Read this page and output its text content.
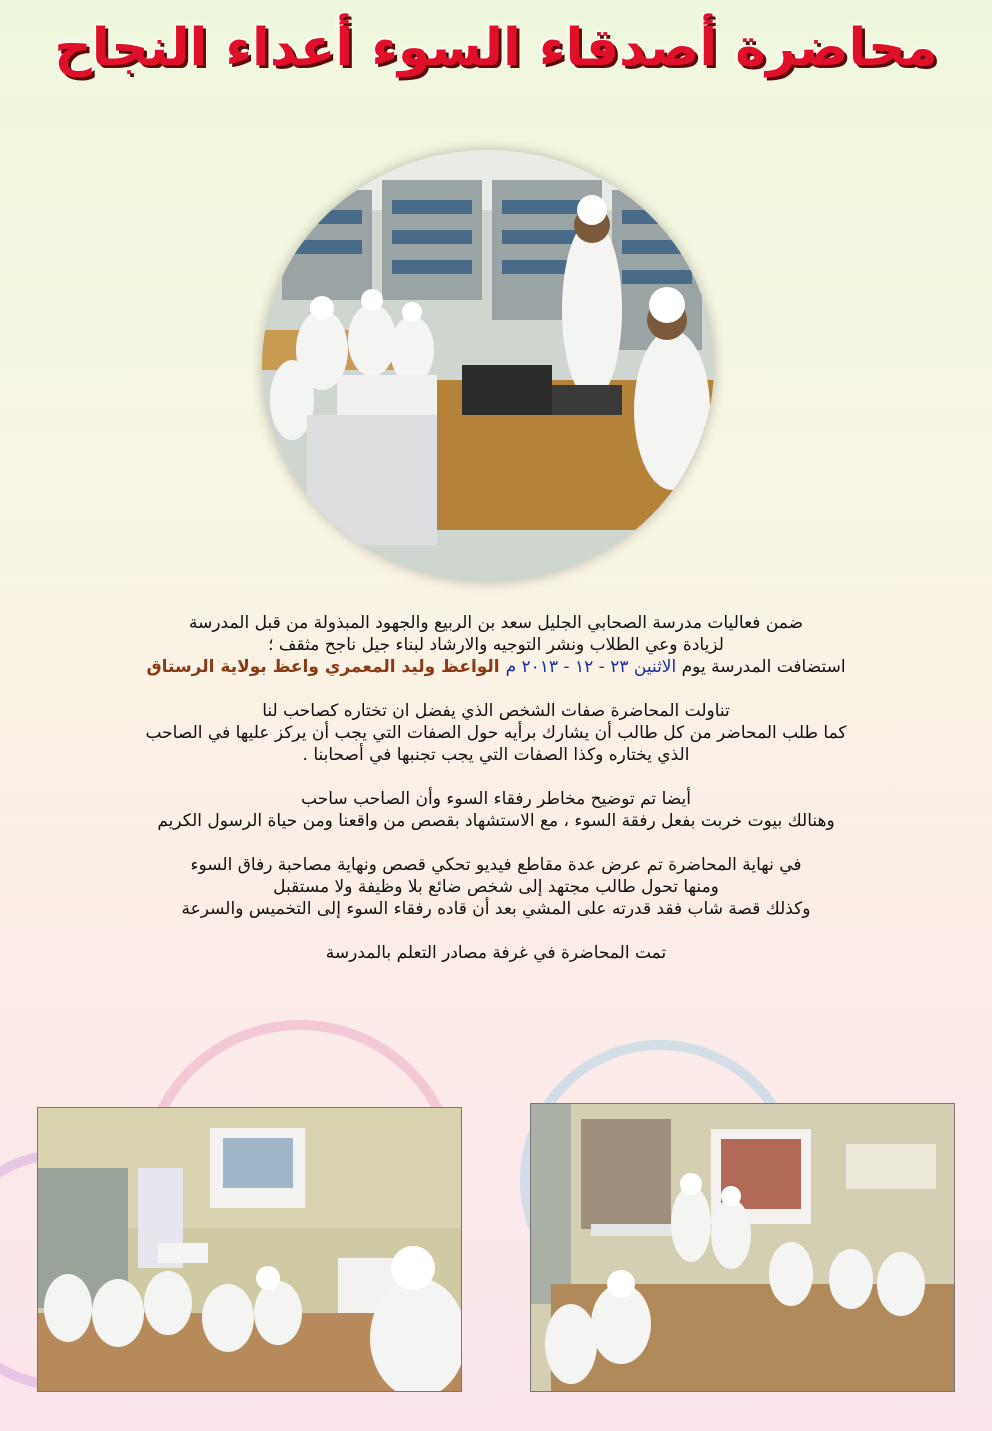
محاضرة أصدقاء السوء أعداء النجاح

ضمن فعاليات مدرسة الصحابي الجليل سعد بن الربيع والجهود المبذولة من قبل المدرسة

لزيادة وعي الطلاب ونشر التوجيه والارشاد لبناء جيل ناجح مثقف ؛

استضافت المدرسة يوم الاثنين ٢٣ - ١٢ - ٢٠١٣ م الواعظ وليد المعمري واعظ بولاية الرستاق

تناولت المحاضرة صفات الشخص الذي يفضل ان تختاره كصاحب لنا

كما طلب المحاضر من كل طالب أن يشارك برأيه حول الصفات التي يجب أن يركز عليها في الصاحب

الذي يختاره وكذا الصفات التي يجب تجنبها في أصحابنا .

أيضا تم توضيح مخاطر رفقاء السوء وأن الصاحب ساحب

وهنالك بيوت خربت بفعل رفقة السوء ، مع الاستشهاد بقصص من واقعنا ومن حياة الرسول الكريم

في نهاية المحاضرة تم عرض عدة مقاطع فيديو تحكي قصص ونهاية مصاحبة رفاق السوء

ومنها تحول طالب مجتهد إلى شخص ضائع بلا وظيفة ولا مستقبل

وكذلك قصة شاب فقد قدرته على المشي بعد أن قاده رفقاء السوء إلى التخميس والسرعة

تمت المحاضرة في غرفة مصادر التعلم بالمدرسة
